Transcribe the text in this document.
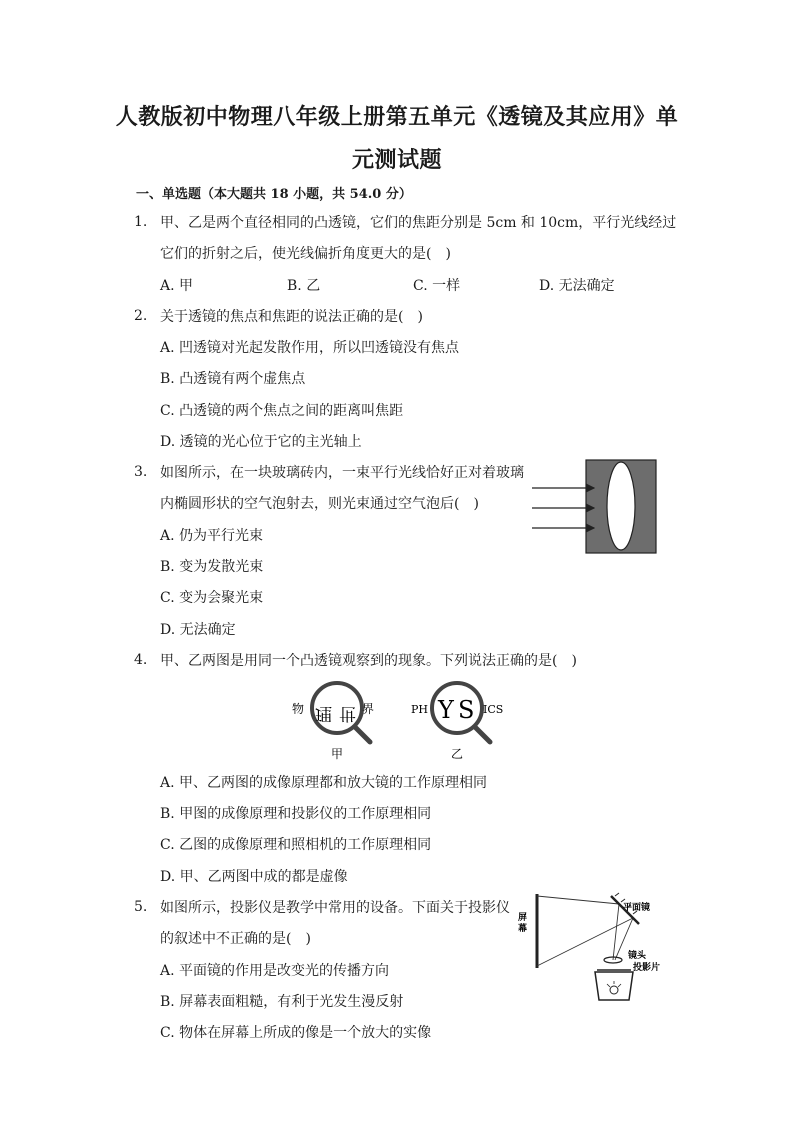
人教版初中物理八年级上册第五单元《透镜及其应用》单
元测试题
一、单选题（本大题共 18 小题，共 54.0 分）
1. 甲、乙是两个直径相同的凸透镜，它们的焦距分别是 5cm 和 10cm，平行光线经过
它们的折射之后，使光线偏折角度更大的是(　)
A. 甲	B. 乙	C. 一样	D. 无法确定
2. 关于透镜的焦点和焦距的说法正确的是(　)
A. 凹透镜对光起发散作用，所以凹透镜没有焦点
B. 凸透镜有两个虚焦点
C. 凸透镜的两个焦点之间的距离叫焦距
D. 透镜的光心位于它的主光轴上
3. 如图所示，在一块玻璃砖内，一束平行光线恰好正对着玻璃
内椭圆形状的空气泡射去，则光束通过空气泡后(　)
A. 仍为平行光束
B. 变为发散光束
C. 变为会聚光束
D. 无法确定
4. 甲、乙两图是用同一个凸透镜观察到的现象。下列说法正确的是(　)
A. 甲、乙两图的成像原理都和放大镜的工作原理相同
B. 甲图的成像原理和投影仪的工作原理相同
C. 乙图的成像原理和照相机的工作原理相同
D. 甲、乙两图中成的都是虚像
物 理 世 界
甲
PH Y S ICS
乙
5. 如图所示，投影仪是教学中常用的设备。下面关于投影仪
的叙述中不正确的是(　)
A. 平面镜的作用是改变光的传播方向
B. 屏幕表面粗糙，有利于光发生漫反射
C. 物体在屏幕上所成的像是一个放大的实像
屏 幕
平面镜
镜头
投影片
